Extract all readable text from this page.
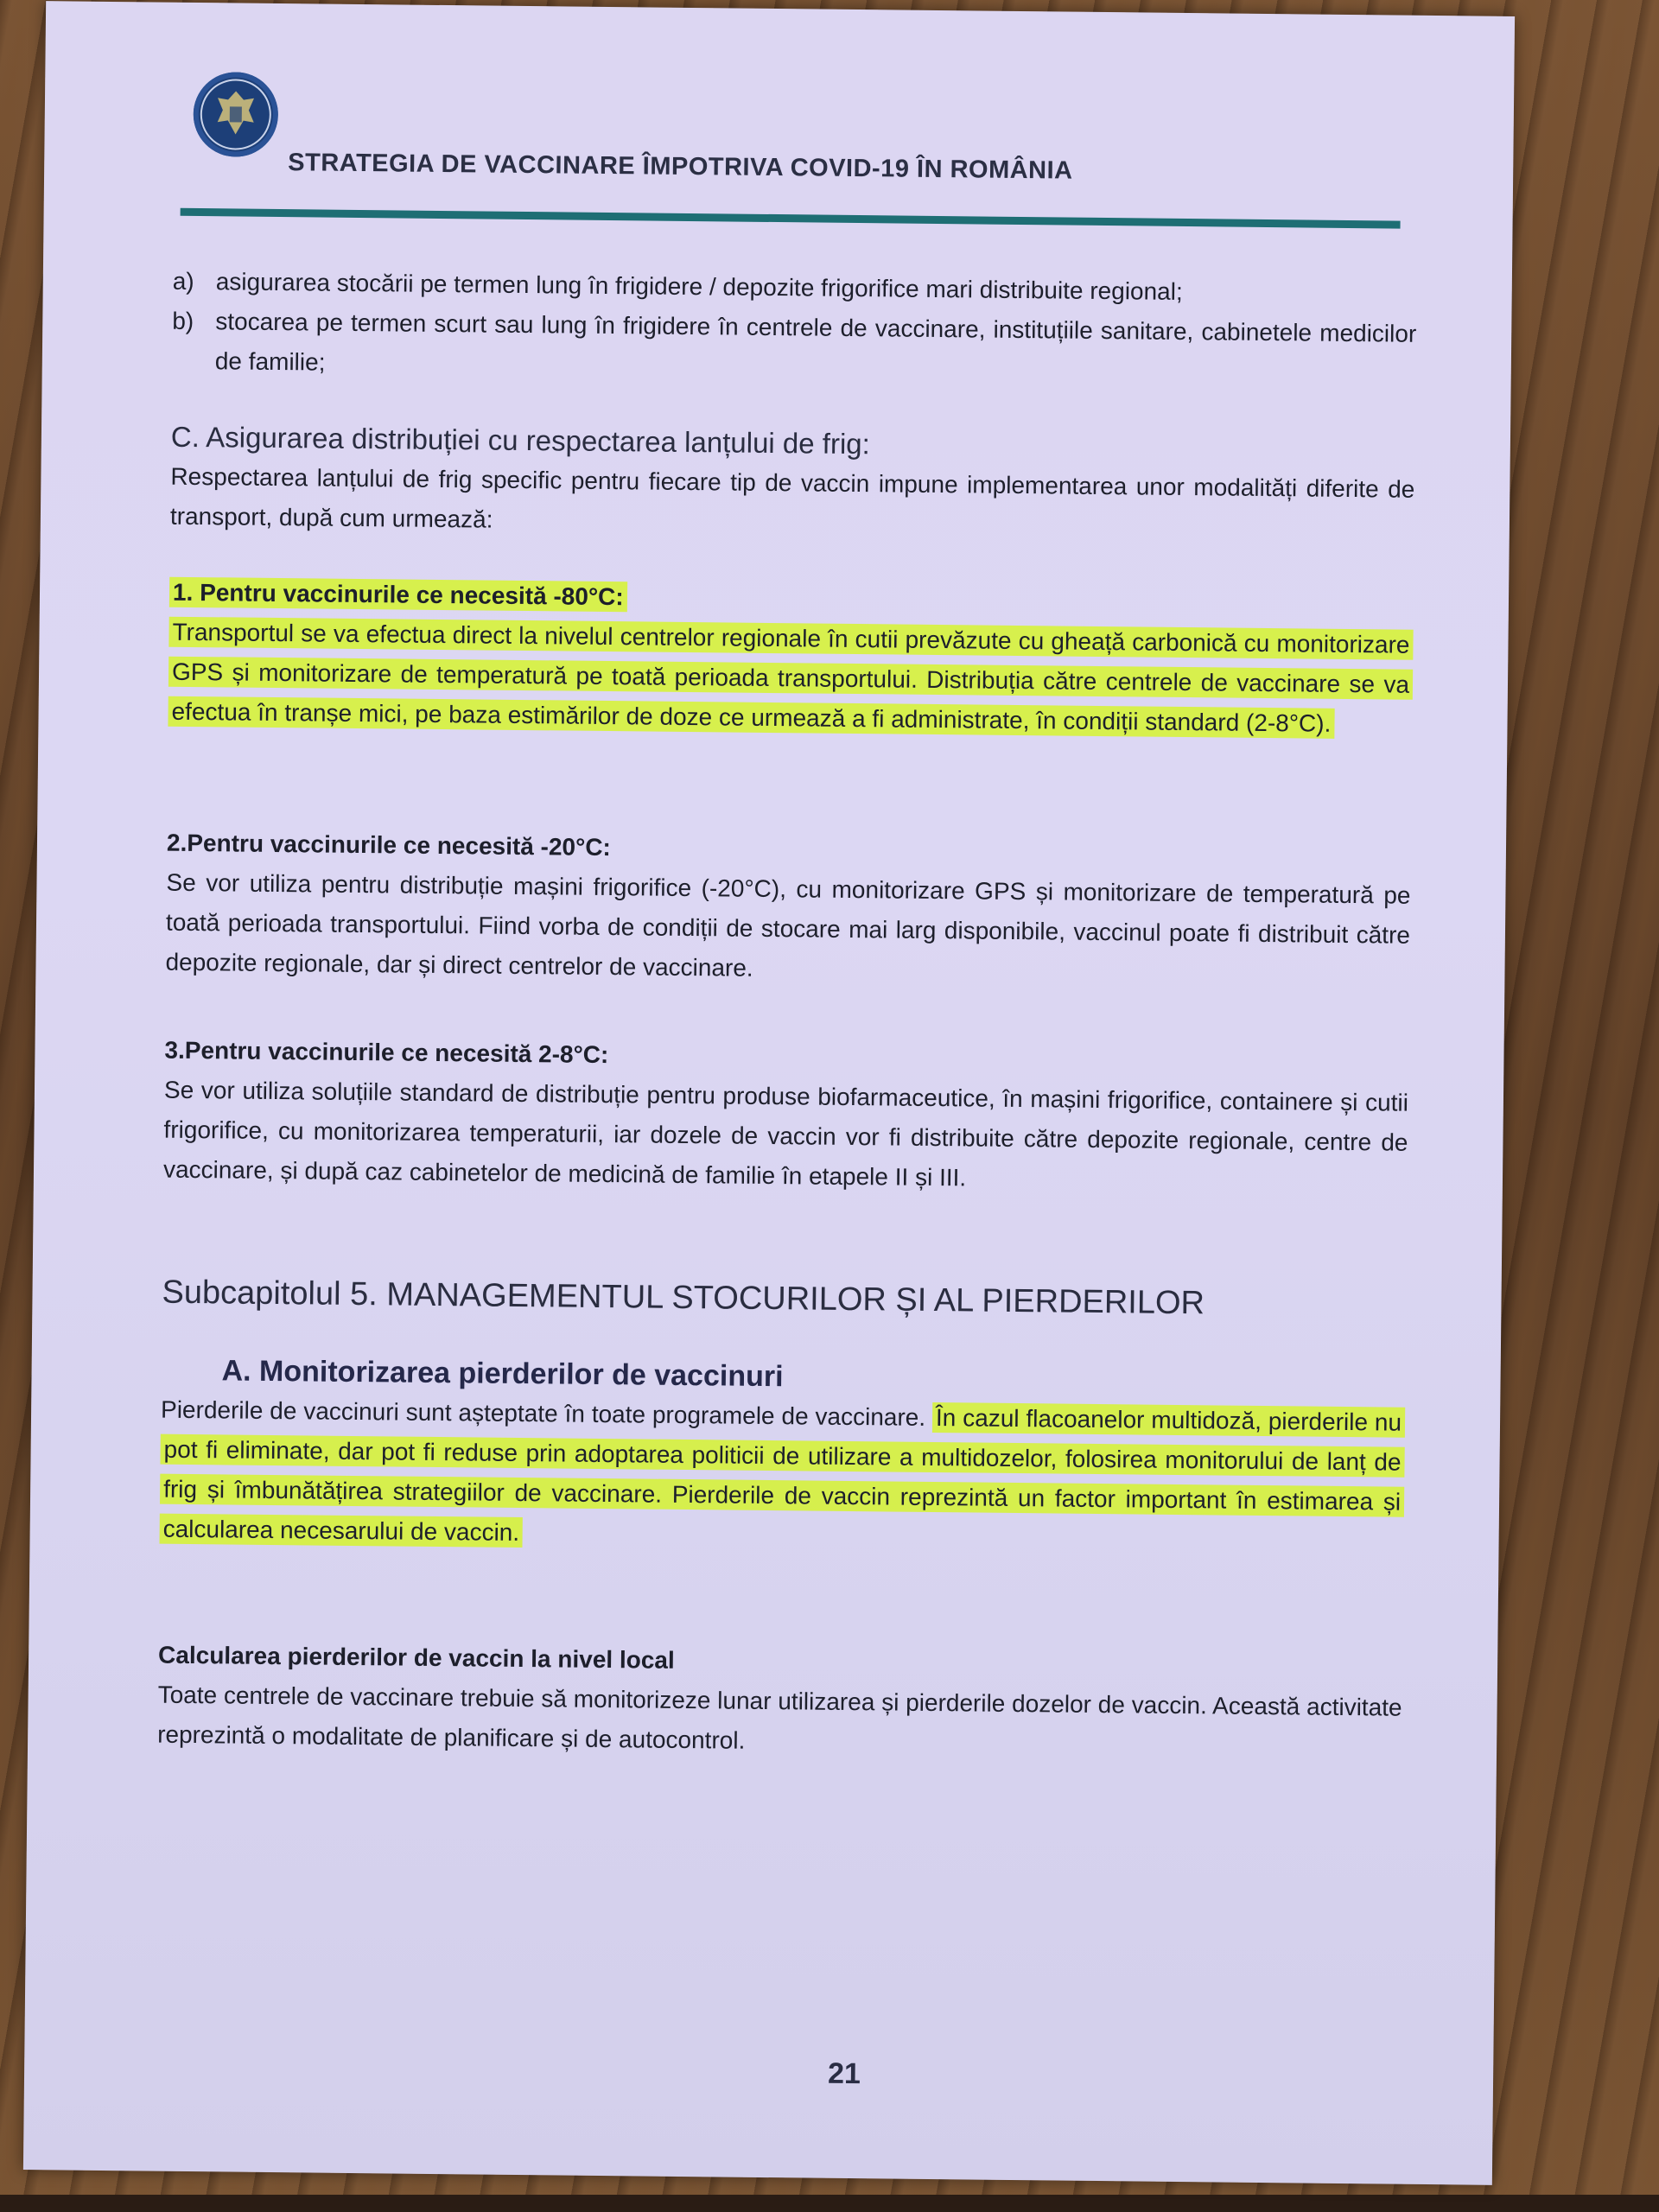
STRATEGIA DE VACCINARE ÎMPOTRIVA COVID-19 ÎN ROMÂNIA
a) asigurarea stocării pe termen lung în frigidere / depozite frigorifice mari distribuite regional;
b) stocarea pe termen scurt sau lung în frigidere în centrele de vaccinare, instituțiile sanitare, cabinetele medicilor de familie;
C. Asigurarea distribuției cu respectarea lanțului de frig:
Respectarea lanțului de frig specific pentru fiecare tip de vaccin impune implementarea unor modalități diferite de transport, după cum urmează:
1. Pentru vaccinurile ce necesită -80°C:
Transportul se va efectua direct la nivelul centrelor regionale în cutii prevăzute cu gheață carbonică cu monitorizare GPS și monitorizare de temperatură pe toată perioada transportului. Distribuția către centrele de vaccinare se va efectua în tranșe mici, pe baza estimărilor de doze ce urmează a fi administrate, în condiții standard (2-8°C).
2.Pentru vaccinurile ce necesită -20°C:
Se vor utiliza pentru distribuție mașini frigorifice (-20°C), cu monitorizare GPS și monitorizare de temperatură pe toată perioada transportului. Fiind vorba de condiții de stocare mai larg disponibile, vaccinul poate fi distribuit către depozite regionale, dar și direct centrelor de vaccinare.
3.Pentru vaccinurile ce necesită 2-8°C:
Se vor utiliza soluțiile standard de distribuție pentru produse biofarmaceutice, în mașini frigorifice, containere și cutii frigorifice, cu monitorizarea temperaturii, iar dozele de vaccin vor fi distribuite către depozite regionale, centre de vaccinare, și după caz cabinetelor de medicină de familie în etapele II și III.
Subcapitolul 5. MANAGEMENTUL STOCURILOR ȘI AL PIERDERILOR
A. Monitorizarea pierderilor de vaccinuri
Pierderile de vaccinuri sunt așteptate în toate programele de vaccinare. În cazul flacoanelor multidoză, pierderile nu pot fi eliminate, dar pot fi reduse prin adoptarea politicii de utilizare a multidozelor, folosirea monitorului de lanț de frig și îmbunătățirea strategiilor de vaccinare. Pierderile de vaccin reprezintă un factor important în estimarea și calcularea necesarului de vaccin.
Calcularea pierderilor de vaccin la nivel local
Toate centrele de vaccinare trebuie să monitorizeze lunar utilizarea și pierderile dozelor de vaccin. Această activitate reprezintă o modalitate de planificare și de autocontrol.
21
